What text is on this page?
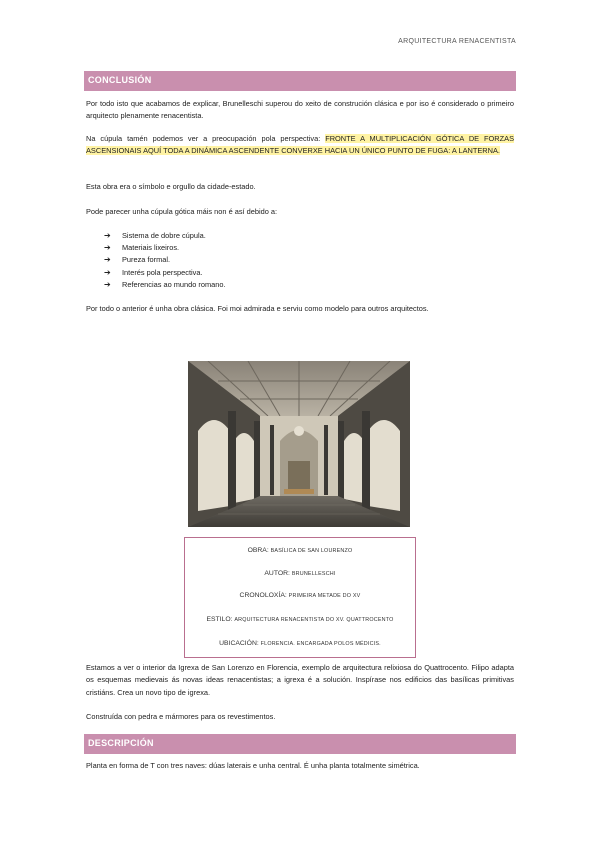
ARQUITECTURA RENACENTISTA
CONCLUSIÓN
Por todo isto que acabamos de explicar, Brunelleschi superou do xeito de construción clásica e por iso é considerado o primeiro arquitecto plenamente renacentista.
Na cúpula tamén podemos ver a preocupación pola perspectiva: FRONTE A MULTIPLICACIÓN GÓTICA DE FORZAS ASCENSIONAIS AQUÍ TODA A DINÁMICA ASCENDENTE CONVERXE HACIA UN ÚNICO PUNTO DE FUGA: A LANTERNA.
Esta obra era o símbolo e orgullo da cidade-estado.
Pode parecer unha cúpula gótica máis non é así debido a:
➔ Sistema de dobre cúpula.
➔ Materiais lixeiros.
➔ Pureza formal.
➔ Interés pola perspectiva.
➔ Referencias ao mundo romano.
Por todo o anterior é unha obra clásica. Foi moi admirada e serviu como modelo para outros arquitectos.
OBRA: BASÍLICA DE SAN LOURENZO
AUTOR: BRUNELLESCHI
CRONOLOXÍA: PRIMEIRA METADE DO XV
ESTILO: ARQUITECTURA RENACENTISTA DO XV. QUATTROCENTO
UBICACIÓN: FLORENCIA. ENCARGADA POLOS MÉDICIS.
Estamos a ver o interior da Igrexa de San Lorenzo en Florencia, exemplo de arquitectura relixiosa do Quattrocento. Filipo adapta os esquemas medievais ás novas ideas renacentistas; a igrexa é a solución. Inspírase nos edificios das basílicas primitivas cristiáns. Crea un novo tipo de igrexa.
Construída con pedra e mármores para os revestimentos.
DESCRIPCIÓN
Planta en forma de T con tres naves: dúas laterais e unha central. É unha planta totalmente simétrica.
